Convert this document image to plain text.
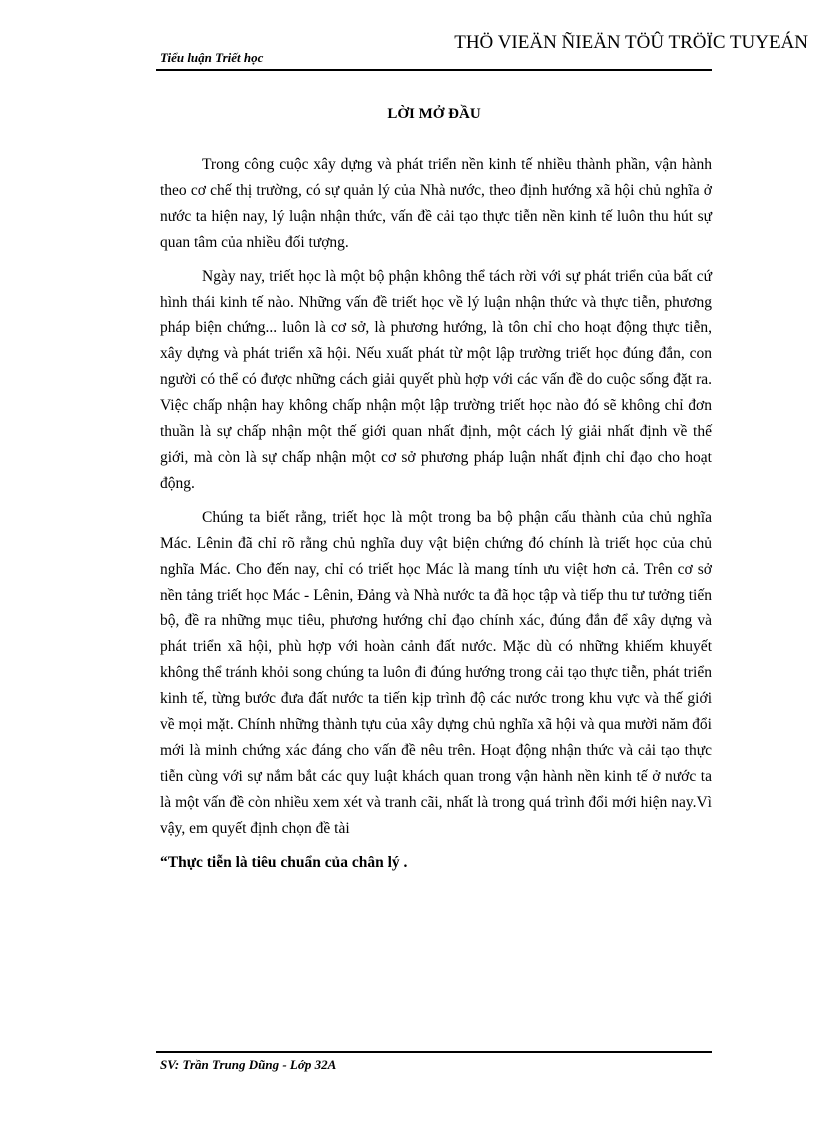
Tiểu luận Triết học
THÖ VIEÄN ÑIEÄN TÖÛ TRÖÏC TUYEÁN
LỜI MỞ ĐẦU

Trong công cuộc xây dựng và phát triển nền kinh tế nhiều thành phần, vận hành theo cơ chế thị trường, có sự quản lý của Nhà nước, theo định hướng xã hội chủ nghĩa ở nước ta hiện nay, lý luận nhận thức, vấn đề cải tạo thực tiễn nền kinh tế luôn thu hút sự quan tâm của nhiều đối tượng.

Ngày nay, triết học là một bộ phận không thể tách rời với sự phát triển của bất cứ hình thái kinh tế nào. Những vấn đề triết học về lý luận nhận thức và thực tiễn, phương pháp biện chứng... luôn là cơ sở, là phương hướng, là tôn chỉ cho hoạt động thực tiễn, xây dựng và phát triển xã hội. Nếu xuất phát từ một lập trường triết học đúng đắn, con người có thể có được những cách giải quyết phù hợp với các vấn đề do cuộc sống đặt ra. Việc chấp nhận hay không chấp nhận một lập trường triết học nào đó sẽ không chỉ đơn thuần là sự chấp nhận một thế giới quan nhất định, một cách lý giải nhất định về thế giới, mà còn là sự chấp nhận một cơ sở phương pháp luận nhất định chỉ đạo cho hoạt động.

Chúng ta biết rằng, triết học là một trong ba bộ phận cấu thành của chủ nghĩa Mác. Lênin đã chỉ rõ rằng chủ nghĩa duy vật biện chứng đó chính là triết học của chủ nghĩa Mác. Cho đến nay, chỉ có triết học Mác là mang tính ưu việt hơn cả. Trên cơ sở nền tảng triết học Mác - Lênin, Đảng và Nhà nước ta đã học tập và tiếp thu tư tưởng tiến bộ, đề ra những mục tiêu, phương hướng chỉ đạo chính xác, đúng đắn để xây dựng và phát triển xã hội, phù hợp với hoàn cảnh đất nước. Mặc dù có những khiếm khuyết không thể tránh khỏi song chúng ta luôn đi đúng hướng trong cải tạo thực tiễn, phát triển kinh tế, từng bước đưa đất nước ta tiến kịp trình độ các nước trong khu vực và thế giới về mọi mặt. Chính những thành tựu của xây dựng chủ nghĩa xã hội và qua mười năm đổi mới là minh chứng xác đáng cho vấn đề nêu trên. Hoạt động nhận thức và cải tạo thực tiễn cùng với sự nắm bắt các quy luật khách quan trong vận hành nền kinh tế ở nước ta là một vấn đề còn nhiều xem xét và tranh cãi, nhất là trong quá trình đổi mới hiện nay.Vì vậy, em quyết định chọn đề tài

“Thực tiễn là tiêu chuẩn của chân lý .

SV: Trần Trung Dũng - Lớp 32A
